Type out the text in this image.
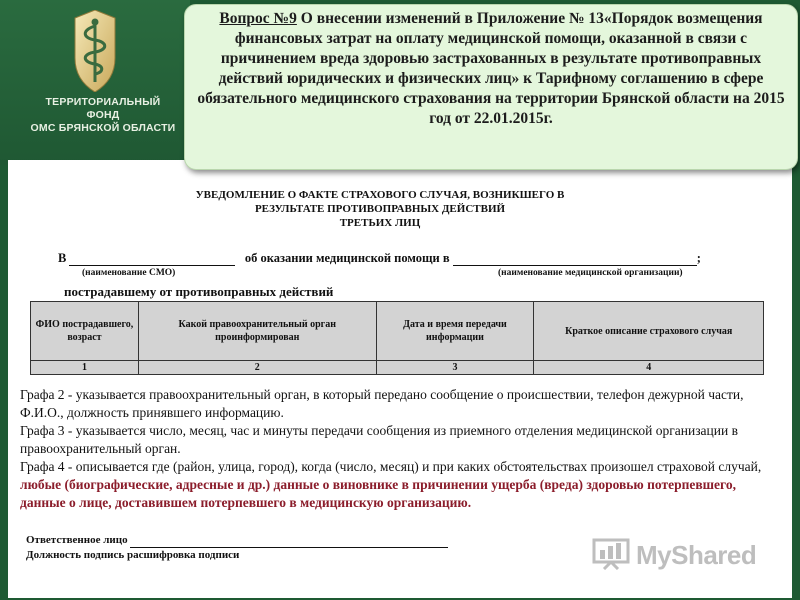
ТЕРРИТОРИАЛЬНЫЙ ФОНД
ОМС БРЯНСКОЙ ОБЛАСТИ
Вопрос №9 О внесении изменений в Приложение № 13«Порядок возмещения финансовых затрат на оплату медицинской помощи, оказанной в связи с причинением вреда здоровью застрахованных в результате противоправных действий юридических и физических лиц» к Тарифному соглашению в сфере обязательного медицинского страхования на территории Брянской области на 2015 год от 22.01.2015г.
УВЕДОМЛЕНИЕ О ФАКТЕ СТРАХОВОГО СЛУЧАЯ, ВОЗНИКШЕГО В
РЕЗУЛЬТАТЕ ПРОТИВОПРАВНЫХ ДЕЙСТВИЙ
ТРЕТЬИХ ЛИЦ
В	об оказании медицинской помощи в	;
(наименование СМО)	(наименование медицинской организации)
пострадавшему от противоправных действий
ФИО пострадавшего, возраст	Какой правоохранительный орган проинформирован	Дата и время передачи информации	Краткое описание страхового случая
1	2	3	4

Графа 2 - указывается правоохранительный орган, в который передано сообщение о происшествии, телефон дежурной части, Ф.И.О., должность принявшего информацию.

Графа 3 - указывается число, месяц, час и минуты передачи сообщения из приемного отделения медицинской организации в правоохранительный орган.

Графа 4 - описывается где (район, улица, город), когда (число, месяц) и при каких обстоятельствах произошел страховой случай, любые (биографические, адресные и др.) данные о виновнике в причинении ущерба (вреда) здоровью потерпевшего, данные о лице, доставившем потерпевшего в медицинскую организацию.

Ответственное лицо
Должность подпись расшифровка подписи	MyShared
